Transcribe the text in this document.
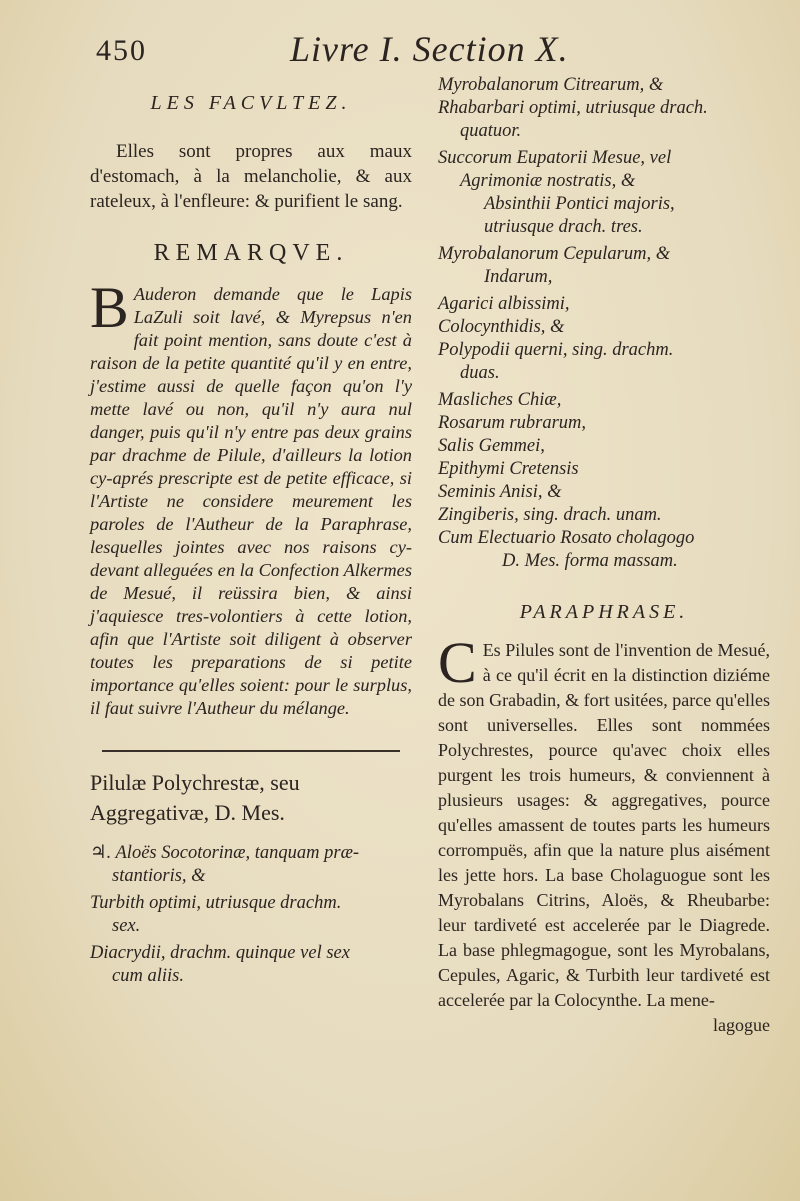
450	Livre I. Section X.
LES FACVLTEZ.

Elles sont propres aux maux d'estomach, à la melancholie, & aux rateleux, à l'enfleure: & purifient le sang.

REMARQVE.

B Auderon demande que le Lapis LaZuli soit lavé, & Myrepsus n'en fait point mention, sans doute c'est à raison de la petite quantité qu'il y en entre, j'estime aussi de quelle façon qu'on l'y mette lavé ou non, qu'il n'y aura nul danger, puis qu'il n'y entre pas deux grains par drachme de Pilule, d'ailleurs la lotion cy-aprés prescripte est de petite efficace, si l'Artiste ne considere meurement les paroles de l'Autheur de la Paraphrase, lesquelles jointes avec nos raisons cy-devant alleguées en la Confection Alkermes de Mesué, il reüssira bien, & ainsi j'aquiesce tres-volontiers à cette lotion, afin que l'Artiste soit diligent à observer toutes les preparations de si petite importance qu'elles soient: pour le surplus, il faut suivre l'Autheur du mélange.

Pilulæ Polychrestæ, seu Aggregativæ, D. Mes.

♃. Aloës Socotorinæ, tanquam præ-

stantioris, &

Turbith optimi, utriusque drachm.

sex.

Diacrydii, drachm. quinque vel sex

cum aliis.

Myrobalanorum Citrearum, &

Rhabarbari optimi, utriusque drach.

quatuor.

Succorum Eupatorii Mesue, vel

Agrimoniæ nostratis, &

Absinthii Pontici majoris,

utriusque drach. tres.

Myrobalanorum Cepularum, &

Indarum,

Agarici albissimi,

Colocynthidis, &

Polypodii querni, sing. drachm.

duas.

Masliches Chiæ,

Rosarum rubrarum,

Salis Gemmei,

Epithymi Cretensis

Seminis Anisi, &

Zingiberis, sing. drach. unam.

Cum Electuario Rosato cholagogo

D. Mes. forma massam.

PARAPHRASE.

C Es Pilules sont de l'invention de Mesué, à ce qu'il écrit en la distinction diziéme de son Grabadin, & fort usitées, parce qu'elles sont universelles. Elles sont nommées Polychrestes, pource qu'avec choix elles purgent les trois humeurs, & conviennent à plusieurs usages: & aggregatives, pource qu'elles amassent de toutes parts les humeurs corrompuës, afin que la nature plus aisément les jette hors. La base Cholaguogue sont les Myrobalans Citrins, Aloës, & Rheubarbe: leur tardiveté est accelerée par le Diagrede. La base phlegmagogue, sont les Myrobalans, Cepules, Agaric, & Turbith leur tardiveté est accelerée par la Colocynthe. La mene-

lagogue
